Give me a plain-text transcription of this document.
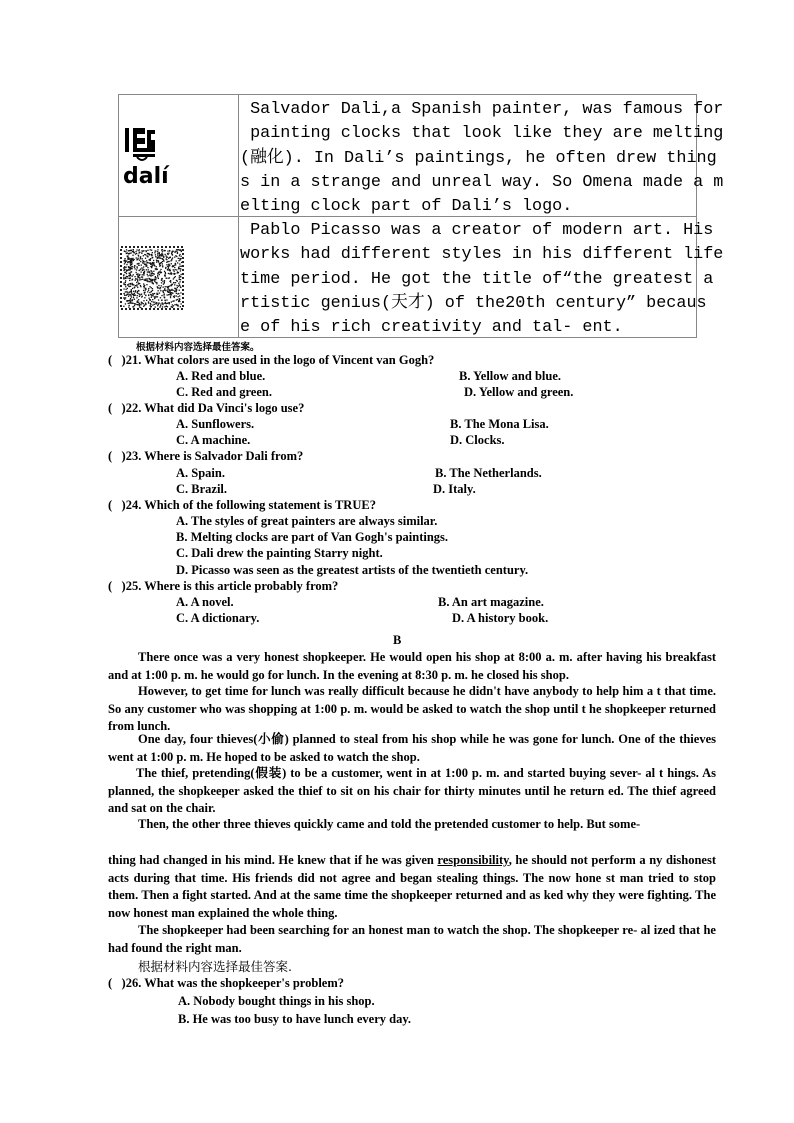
dalí
Salvador Dali,a Spanish painter, was famous for
painting clocks that look like they are melting
(融化). In Dali’s paintings, he often drew thing
s in a strange and unreal way. So Omena made a m
elting clock part of Dali’s logo.
Pablo Picasso was a creator of modern art. His
works had different styles in his different life
time period. He got the title of“the greatest a
rtistic genius(天才) of the20th century” becaus
e of his rich creativity and tal- ent.
根据材料内容选择最佳答案。
(   )21. What colors are used in the logo of Vincent van Gogh?
A. Red and blue.	B. Yellow and blue.
C. Red and green.	D. Yellow and green.
(   )22. What did Da Vinci's logo use?
A. Sunflowers.	B. The Mona Lisa.
C. A machine.	D. Clocks.
(   )23. Where is Salvador Dali from?
A. Spain.	B. The Netherlands.
C. Brazil.	D. Italy.
(   )24. Which of the following statement is TRUE?
A. The styles of great painters are always similar.
B. Melting clocks are part of Van Gogh's paintings.
C. Dali drew the painting Starry night.
D. Picasso was seen as the greatest artists of the twentieth century.
(   )25. Where is this article probably from?
A. A novel.	B. An art magazine.
C. A dictionary.	D. A history book.
B
There once was a very honest shopkeeper. He would open his shop at 8:00 a. m. after having his breakfast and at 1:00 p. m. he would go for lunch. In the evening at 8:30 p. m. he closed his shop.
However, to get time for lunch was really difficult because he didn't have anybody to help him a t that time. So any customer who was shopping at 1:00 p. m. would be asked to watch the shop until t he shopkeeper returned from lunch.
One day, four thieves(小偷) planned to steal from his shop while he was gone for lunch. One of the thieves went at 1:00 p. m. He hoped to be asked to watch the shop.
The thief, pretending(假装) to be a customer, went in at 1:00 p. m. and started buying sever- al t hings. As planned, the shopkeeper asked the thief to sit on his chair for thirty minutes until he return ed. The thief agreed and sat on the chair.
Then, the other three thieves quickly came and told the pretended customer to help. But some-
thing had changed in his mind. He knew that if he was given responsibility, he should not perform a ny dishonest acts during that time. His friends did not agree and began stealing things. The now hone st man tried to stop them. Then a fight started. And at the same time the shopkeeper returned and as ked why they were fighting. The now honest man explained the whole thing.
The shopkeeper had been searching for an honest man to watch the shop. The shopkeeper re- al ized that he had found the right man.
根据材料内容选择最佳答案.
(   )26. What was the shopkeeper's problem?
A. Nobody bought things in his shop.
B. He was too busy to have lunch every day.
